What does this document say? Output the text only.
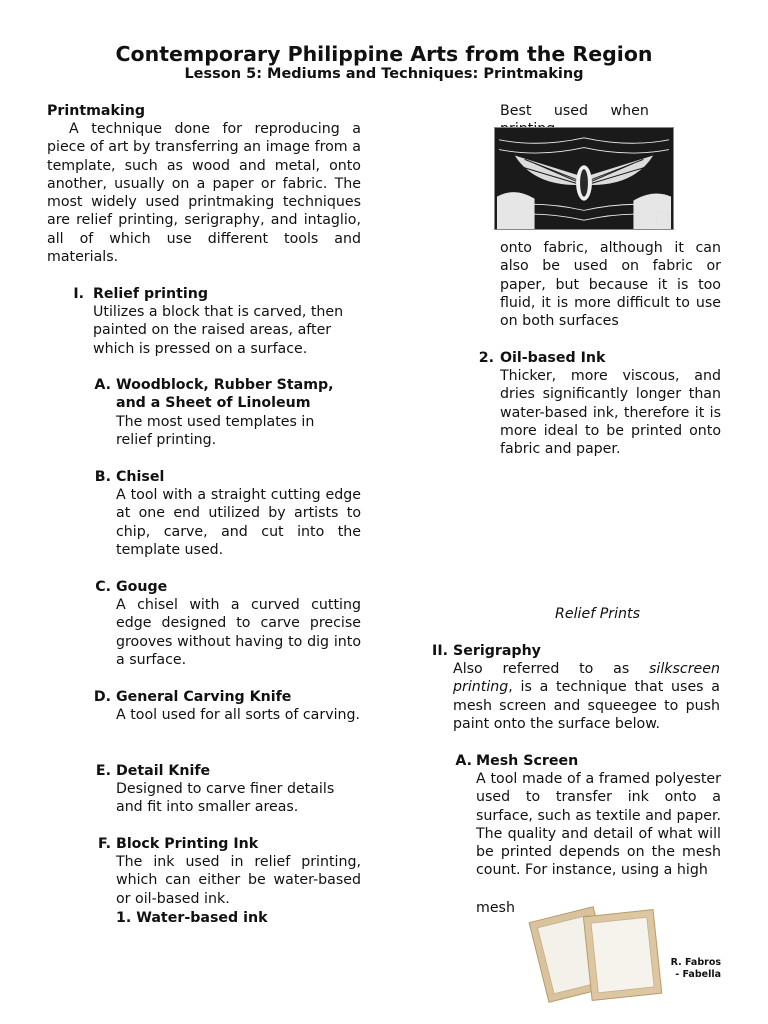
Contemporary Philippine Arts from the Region
Lesson 5: Mediums and Techniques: Printmaking
Printmaking
A technique done for reproducing a piece of art by transferring an image from a template, such as wood and metal, onto another, usually on a paper or fabric. The most widely used printmaking techniques are relief printing, serigraphy, and intaglio, all of which use different tools and materials.
I. Relief printing
Utilizes a block that is carved, then painted on the raised areas, after which is pressed on a surface.
A. Woodblock, Rubber Stamp,
and a Sheet of Linoleum
The most used templates in relief printing.
B. Chisel
A tool with a straight cutting edge at one end utilized by artists to chip, carve, and cut into the template used.
C. Gouge
A chisel with a curved cutting edge designed to carve precise grooves without having to dig into a surface.
D. General Carving Knife
A tool used for all sorts of carving.
E. Detail Knife
Designed to carve finer details and fit into smaller areas.
F. Block Printing Ink
The ink used in relief printing, which can either be water-based or oil-based ink.
1. Water-based ink
Best used when
onto fabric, although it can also be used on fabric or paper, but because it is too fluid, it is more difficult to use on both surfaces
2. Oil-based Ink
Thicker, more viscous, and dries significantly longer than water-based ink, therefore it is more ideal to be printed onto fabric and paper.
Relief Prints
II. Serigraphy
Also referred to as silkscreen printing, is a technique that uses a mesh screen and squeegee to push paint onto the surface below.
A. Mesh Screen
A tool made of a framed polyester used to transfer ink onto a surface, such as textile and paper. The quality and detail of what will be printed depends on the mesh count. For instance, using a high
mesh
R. Fabros
- Fabella
